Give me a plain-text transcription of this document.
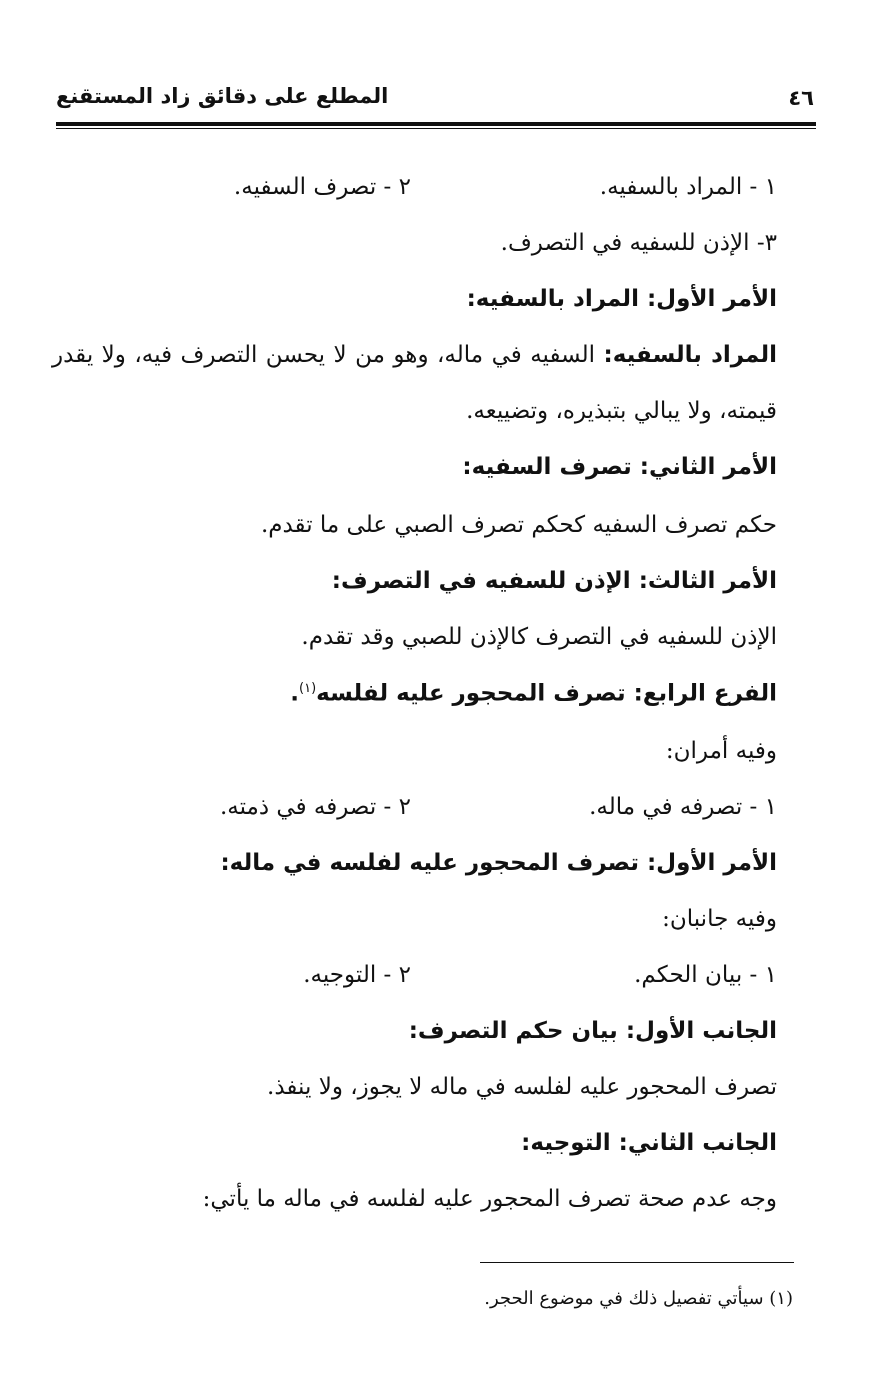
المطلع على دقائق زاد المستقنع	٤٦
١ - المراد بالسفيه.
٢ - تصرف السفيه.
٣- الإذن للسفيه في التصرف.
الأمر الأول: المراد بالسفيه:
المراد بالسفيه: السفيه في ماله، وهو من لا يحسن التصرف فيه، ولا يقدر
قيمته، ولا يبالي بتبذيره، وتضييعه.
الأمر الثاني: تصرف السفيه:
حكم تصرف السفيه كحكم تصرف الصبي على ما تقدم.
الأمر الثالث: الإذن للسفيه في التصرف:
الإذن للسفيه في التصرف كالإذن للصبي وقد تقدم.
الفرع الرابع: تصرف المحجور عليه لفلسه$^{(١)}$.
وفيه أمران:
١ - تصرفه في ماله.
٢ - تصرفه في ذمته.
الأمر الأول: تصرف المحجور عليه لفلسه في ماله:
وفيه جانبان:
١ - بيان الحكم.
٢ - التوجيه.
الجانب الأول: بيان حكم التصرف:
تصرف المحجور عليه لفلسه في ماله لا يجوز، ولا ينفذ.
الجانب الثاني: التوجيه:
وجه عدم صحة تصرف المحجور عليه لفلسه في ماله ما يأتي:
(١) سيأتي تفصيل ذلك في موضوع الحجر.
